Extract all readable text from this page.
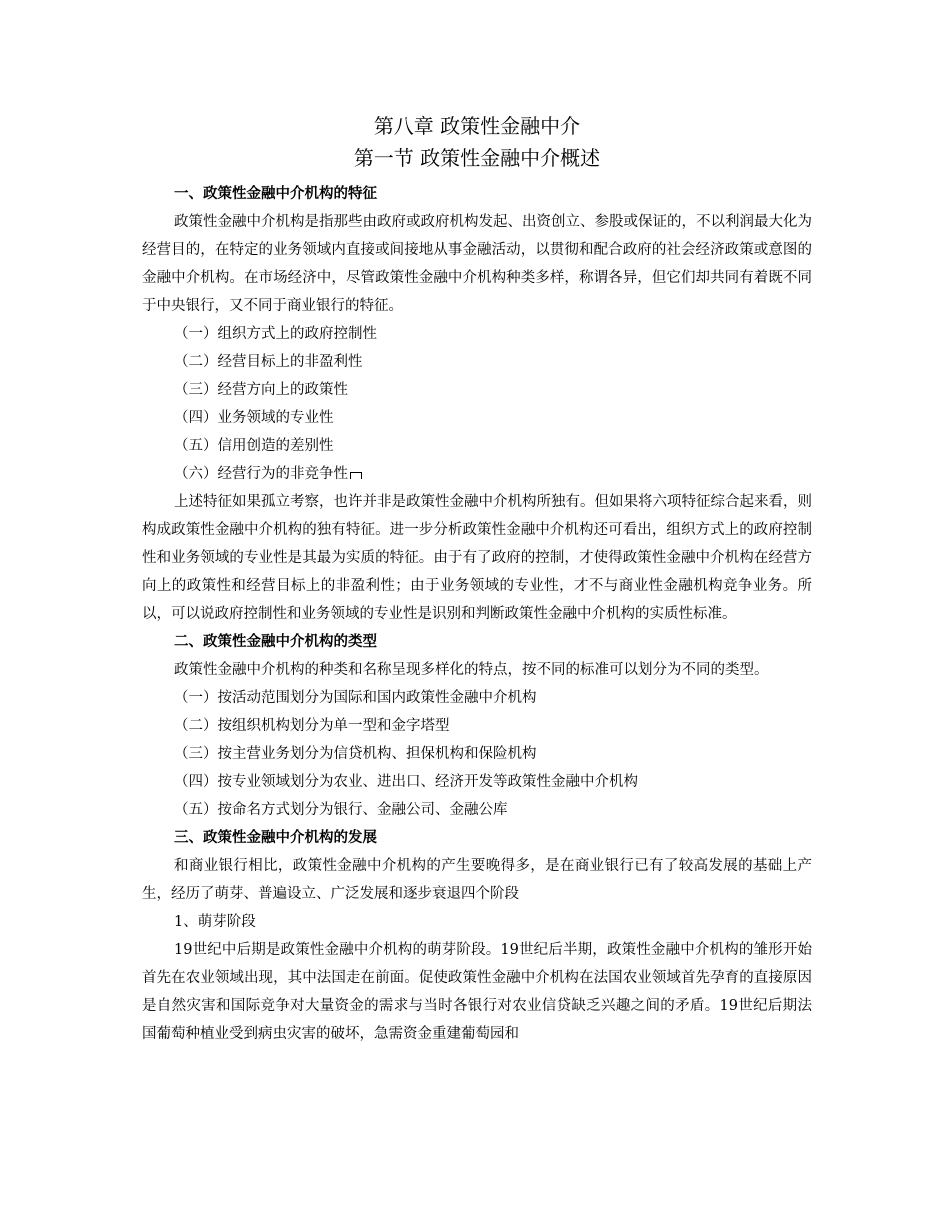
第八章 政策性金融中介

第一节 政策性金融中介概述

一、政策性金融中介机构的特征

政策性金融中介机构是指那些由政府或政府机构发起、出资创立、参股或保证的，不以利润最大化为经营目的，在特定的业务领域内直接或间接地从事金融活动，以贯彻和配合政府的社会经济政策或意图的金融中介机构。在市场经济中，尽管政策性金融中介机构种类多样，称谓各异，但它们却共同有着既不同于中央银行，又不同于商业银行的特征。

（一）组织方式上的政府控制性

（二）经营目标上的非盈利性

（三）经营方向上的政策性

（四）业务领域的专业性

（五）信用创造的差别性

（六）经营行为的非竞争性

上述特征如果孤立考察，也许并非是政策性金融中介机构所独有。但如果将六项特征综合起来看，则构成政策性金融中介机构的独有特征。进一步分析政策性金融中介机构还可看出，组织方式上的政府控制性和业务领域的专业性是其最为实质的特征。由于有了政府的控制，才使得政策性金融中介机构在经营方向上的政策性和经营目标上的非盈利性；由于业务领域的专业性，才不与商业性金融机构竞争业务。所以，可以说政府控制性和业务领域的专业性是识别和判断政策性金融中介机构的实质性标准。

二、政策性金融中介机构的类型

政策性金融中介机构的种类和名称呈现多样化的特点，按不同的标准可以划分为不同的类型。

（一）按活动范围划分为国际和国内政策性金融中介机构

（二）按组织机构划分为单一型和金字塔型

（三）按主营业务划分为信贷机构、担保机构和保险机构

（四）按专业领域划分为农业、进出口、经济开发等政策性金融中介机构

（五）按命名方式划分为银行、金融公司、金融公库

三、政策性金融中介机构的发展

和商业银行相比，政策性金融中介机构的产生要晚得多，是在商业银行已有了较高发展的基础上产生，经历了萌芽、普遍设立、广泛发展和逐步衰退四个阶段

1、萌芽阶段

19世纪中后期是政策性金融中介机构的萌芽阶段。19世纪后半期，政策性金融中介机构的雏形开始首先在农业领域出现，其中法国走在前面。促使政策性金融中介机构在法国农业领域首先孕育的直接原因是自然灾害和国际竞争对大量资金的需求与当时各银行对农业信贷缺乏兴趣之间的矛盾。19世纪后期法国葡萄种植业受到病虫灾害的破坏，急需资金重建葡萄园和
